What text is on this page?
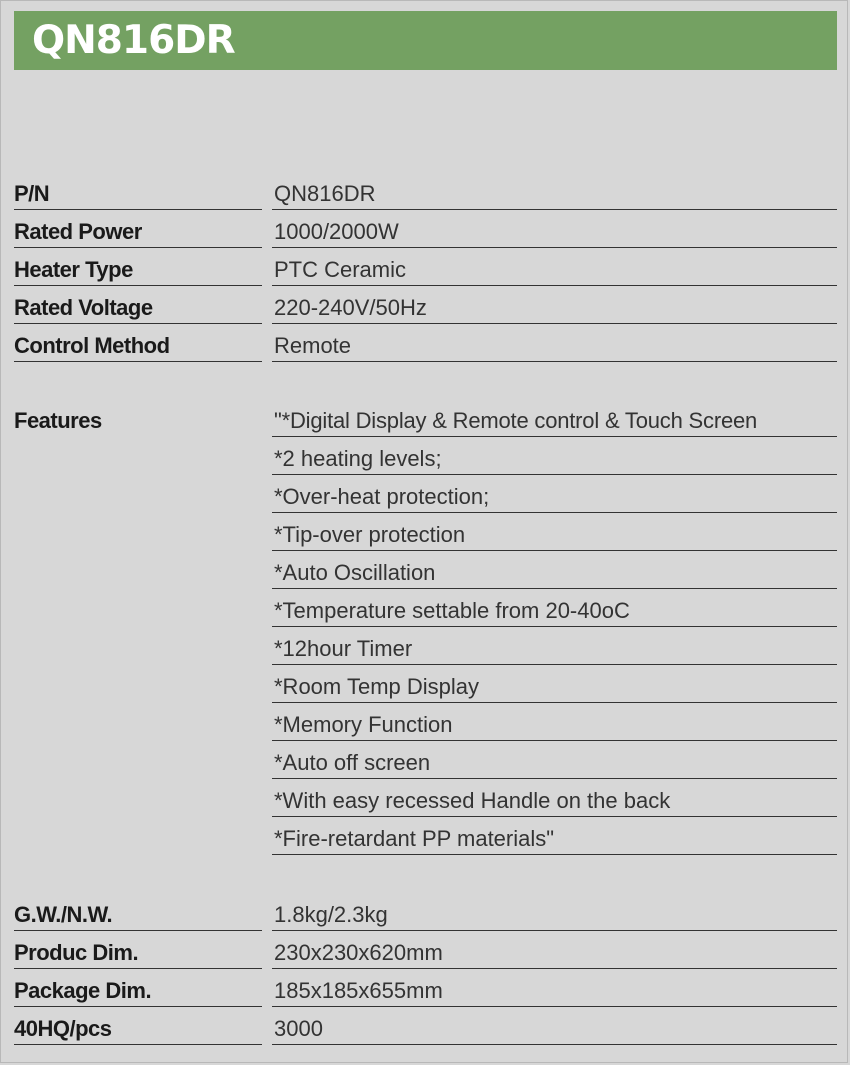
QN816DR
P/N	QN816DR
Rated Power	1000/2000W
Heater Type	PTC Ceramic
Rated Voltage	220-240V/50Hz
Control Method	Remote
Features	"*Digital Display & Remote control & Touch Screen
*2 heating levels;
*Over-heat protection;
*Tip-over protection
*Auto Oscillation
*Temperature settable from 20-40oC
*12hour Timer
*Room Temp Display
*Memory Function
*Auto off screen
*With easy recessed Handle on the back
*Fire-retardant PP materials"
G.W./N.W.	1.8kg/2.3kg
Produc Dim.	230x230x620mm
Package Dim.	185x185x655mm
40HQ/pcs	3000
